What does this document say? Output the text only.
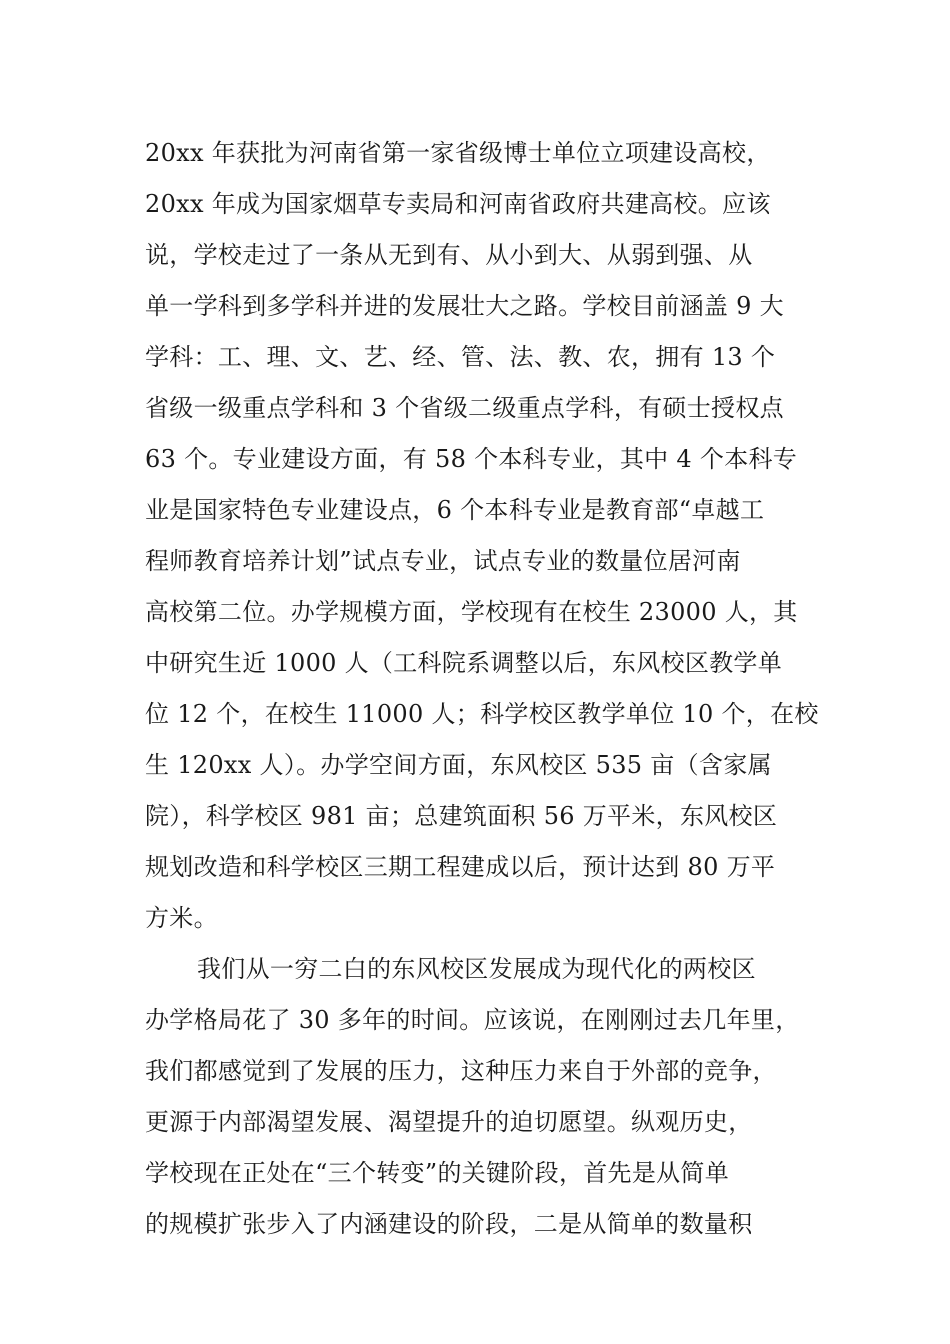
20xx 年获批为河南省第一家省级博士单位立项建设高校，
20xx 年成为国家烟草专卖局和河南省政府共建高校。应该
说，学校走过了一条从无到有、从小到大、从弱到强、从
单一学科到多学科并进的发展壮大之路。学校目前涵盖 9 大
学科：工、理、文、艺、经、管、法、教、农，拥有 13 个
省级一级重点学科和 3 个省级二级重点学科，有硕士授权点
63 个。专业建设方面，有 58 个本科专业，其中 4 个本科专
业是国家特色专业建设点，6 个本科专业是教育部“卓越工
程师教育培养计划”试点专业，试点专业的数量位居河南
高校第二位。办学规模方面，学校现有在校生 23000 人，其
中研究生近 1000 人（工科院系调整以后，东风校区教学单
位 12 个，在校生 11000 人；科学校区教学单位 10 个，在校
生 120xx 人）。办学空间方面，东风校区 535 亩（含家属
院），科学校区 981 亩；总建筑面积 56 万平米，东风校区
规划改造和科学校区三期工程建成以后，预计达到 80 万平
方米。
我们从一穷二白的东风校区发展成为现代化的两校区
办学格局花了 30 多年的时间。应该说，在刚刚过去几年里，
我们都感觉到了发展的压力，这种压力来自于外部的竞争，
更源于内部渴望发展、渴望提升的迫切愿望。纵观历史，
学校现在正处在“三个转变”的关键阶段，首先是从简单
的规模扩张步入了内涵建设的阶段，二是从简单的数量积
